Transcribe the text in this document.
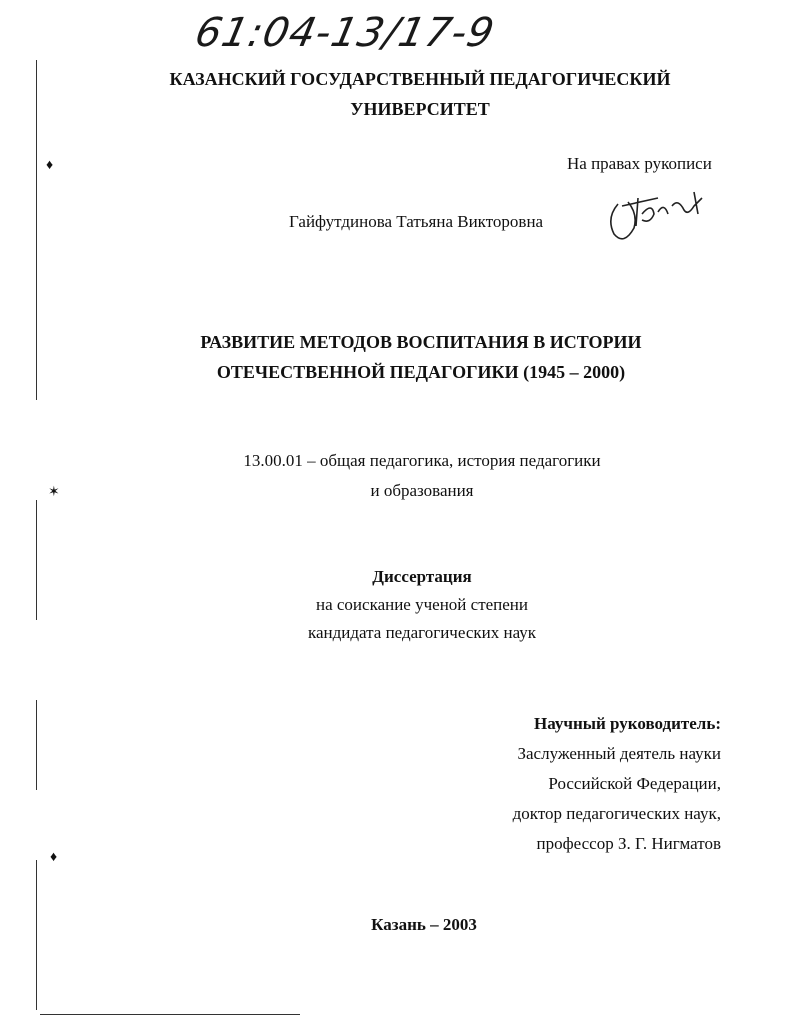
♦
✶
♦
61:04-13/17-9
КАЗАНСКИЙ ГОСУДАРСТВЕННЫЙ ПЕДАГОГИЧЕСКИЙ
УНИВЕРСИТЕТ
На правах рукописи
Гайфутдинова Татьяна Викторовна
РАЗВИТИЕ МЕТОДОВ ВОСПИТАНИЯ В ИСТОРИИ
ОТЕЧЕСТВЕННОЙ ПЕДАГОГИКИ (1945 – 2000)
13.00.01 – общая педагогика, история педагогики
и образования
Диссертация
на соискание ученой степени
кандидата педагогических наук
Научный руководитель:
Заслуженный деятель науки
Российской Федерации,
доктор педагогических наук,
профессор З. Г. Нигматов
Казань – 2003
